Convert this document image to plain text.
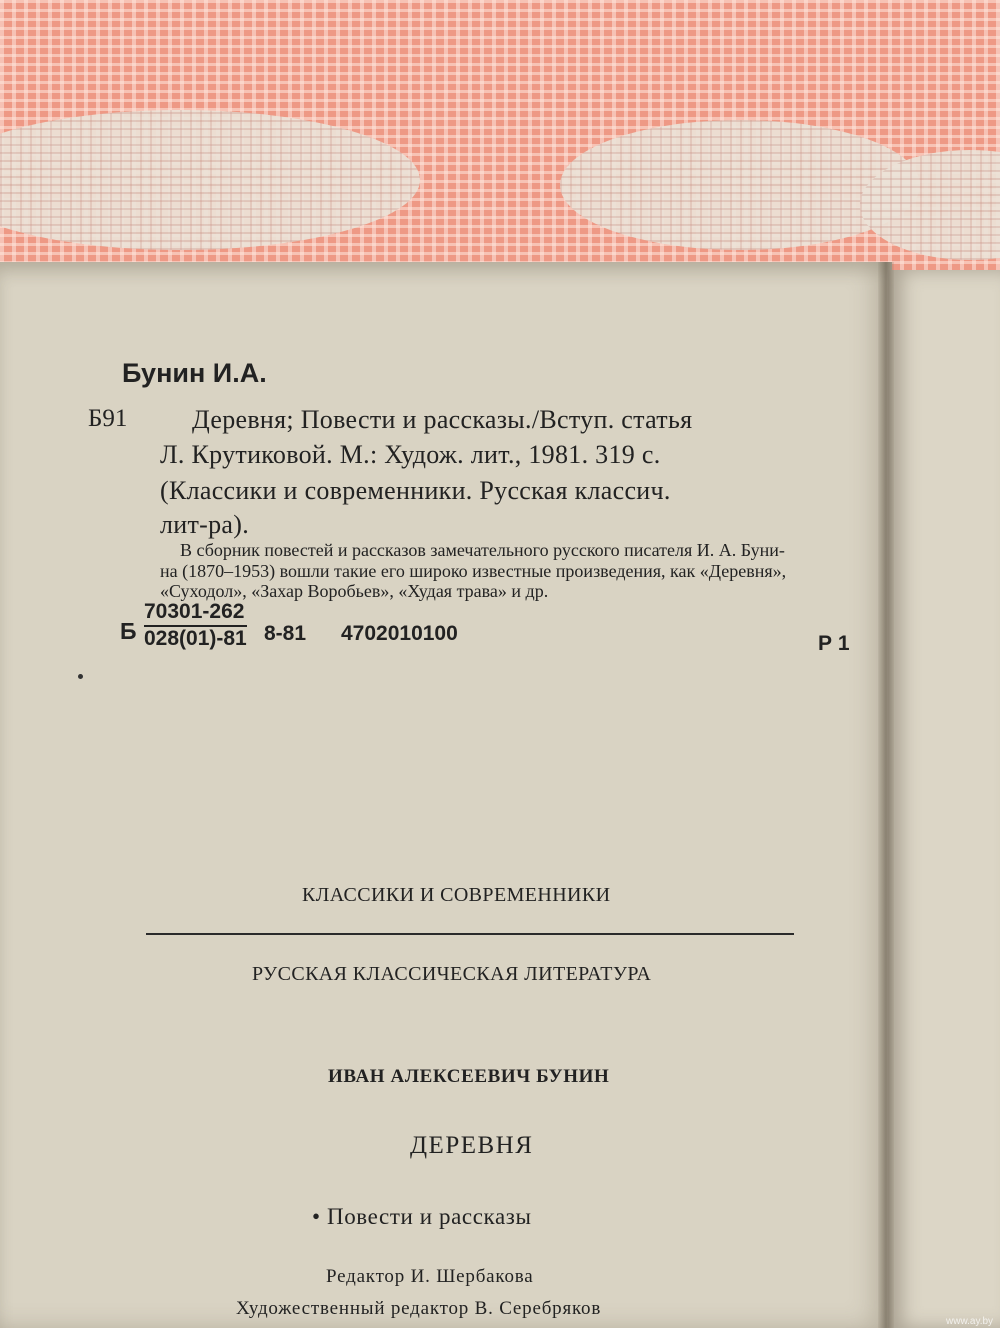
Бунин И.А.
Б91 Деревня; Повести и рассказы./Вступ. статья
Л. Крутиковой. М.: Худож. лит., 1981. 319 с.
(Классики и современники. Русская классич.
лит-ра).
В сборник повестей и рассказов замечательного русского писателя И. А. Буни-
на (1870–1953) вошли такие его широко известные произведения, как «Деревня»,
«Суходол», «Захар Воробьев», «Худая трава» и др.
Б $\frac{70301-262}{028(01)-81} 8-81$ 4702010100	Р 1
КЛАССИКИ И СОВРЕМЕННИКИ
РУССКАЯ КЛАССИЧЕСКАЯ ЛИТЕРАТУРА
ИВАН АЛЕКСЕЕВИЧ БУНИН
ДЕРЕВНЯ
• Повести и рассказы
Редактор И. Шербакова
Художественный редактор В. Серебряков
www.ay.by
